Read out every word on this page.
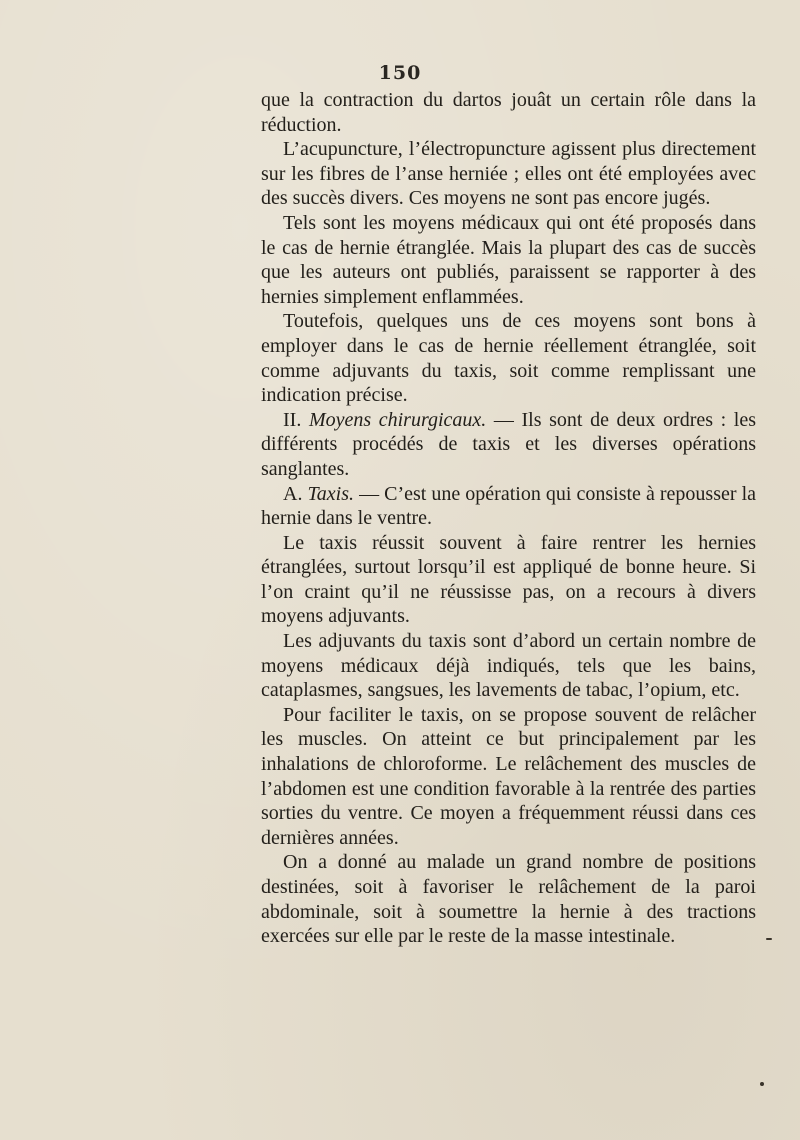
150

que la contraction du dartos jouât un certain rôle dans la réduction.

L’acupuncture, l’électropuncture agissent plus directement sur les fibres de l’anse herniée ; elles ont été employées avec des succès divers. Ces moyens ne sont pas encore jugés.

Tels sont les moyens médicaux qui ont été proposés dans le cas de hernie étranglée. Mais la plupart des cas de succès que les auteurs ont publiés, paraissent se rapporter à des hernies simplement enflammées.

Toutefois, quelques uns de ces moyens sont bons à employer dans le cas de hernie réellement étranglée, soit comme adjuvants du taxis, soit comme remplissant une indication précise.

II. Moyens chirurgicaux. — Ils sont de deux ordres : les différents procédés de taxis et les diverses opérations sanglantes.

A. Taxis. — C’est une opération qui consiste à repousser la hernie dans le ventre.

Le taxis réussit souvent à faire rentrer les hernies étranglées, surtout lorsqu’il est appliqué de bonne heure. Si l’on craint qu’il ne réussisse pas, on a recours à divers moyens adjuvants.

Les adjuvants du taxis sont d’abord un certain nombre de moyens médicaux déjà indiqués, tels que les bains, cataplasmes, sangsues, les lavements de tabac, l’opium, etc.

Pour faciliter le taxis, on se propose souvent de relâcher les muscles. On atteint ce but principalement par les inhalations de chloroforme. Le relâchement des muscles de l’abdomen est une condition favorable à la rentrée des parties sorties du ventre. Ce moyen a fréquemment réussi dans ces dernières années.

On a donné au malade un grand nombre de positions destinées, soit à favoriser le relâchement de la paroi abdominale, soit à soumettre la hernie à des tractions exercées sur elle par le reste de la masse intestinale.
